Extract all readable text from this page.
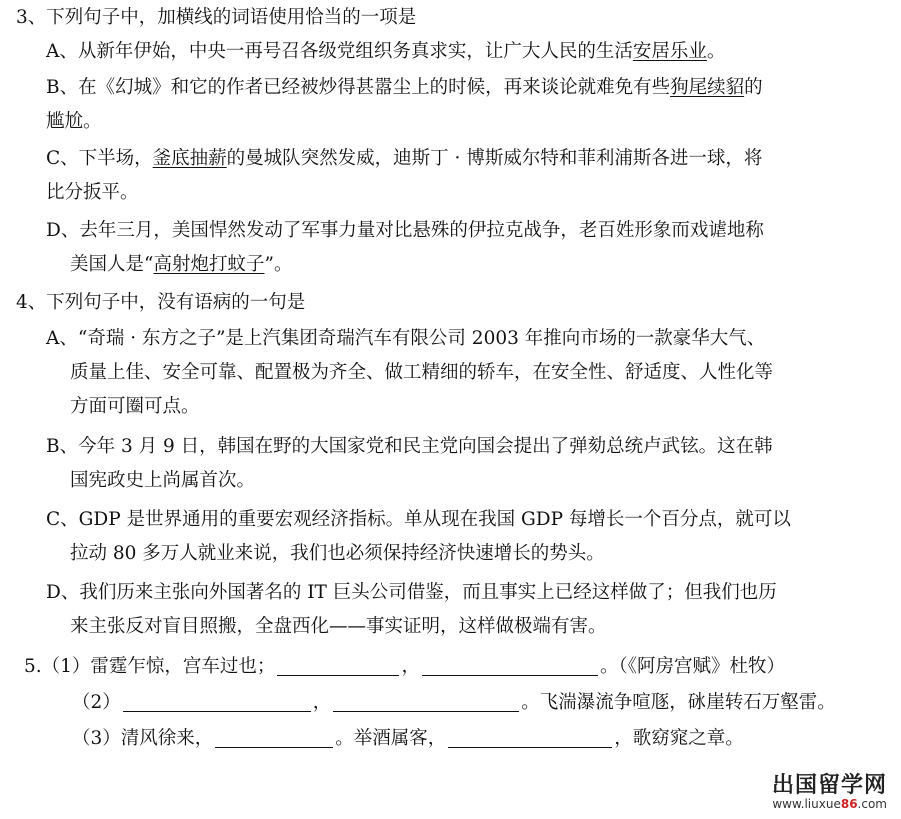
3、下列句子中，加横线的词语使用恰当的一项是
A、从新年伊始，中央一再号召各级党组织务真求实，让广大人民的生活安居乐业。
B、在《幻城》和它的作者已经被炒得甚嚣尘上的时候，再来谈论就难免有些狗尾续貂的
尴尬。
C、下半场，釜底抽薪的曼城队突然发威，迪斯丁 · 博斯威尔特和菲利浦斯各进一球，将
比分扳平。
D、去年三月，美国悍然发动了军事力量对比悬殊的伊拉克战争，老百姓形象而戏谑地称
美国人是“高射炮打蚊子”。
4、下列句子中，没有语病的一句是
A、“奇瑞 · 东方之子”是上汽集团奇瑞汽车有限公司 2003 年推向市场的一款豪华大气、
质量上佳、安全可靠、配置极为齐全、做工精细的轿车，在安全性、舒适度、人性化等
方面可圈可点。
B、今年 3 月 9 日，韩国在野的大国家党和民主党向国会提出了弹劾总统卢武铉。这在韩
国宪政史上尚属首次。
C、GDP 是世界通用的重要宏观经济指标。单从现在我国 GDP 每增长一个百分点，就可以
拉动 80 多万人就业来说，我们也必须保持经济快速增长的势头。
D、我们历来主张向外国著名的 IT 巨头公司借鉴，而且事实上已经这样做了；但我们也历
来主张反对盲目照搬，全盘西化——事实证明，这样做极端有害。
5.（1）雷霆乍惊，宫车过也；	，	。（《阿房宫赋》杜牧）
（2）	，	。飞湍瀑流争喧豗，砯崖转石万壑雷。
（3）清风徐来，	。举酒属客，	，歌窈窕之章。
出国留学网
www.liuxue86.com
